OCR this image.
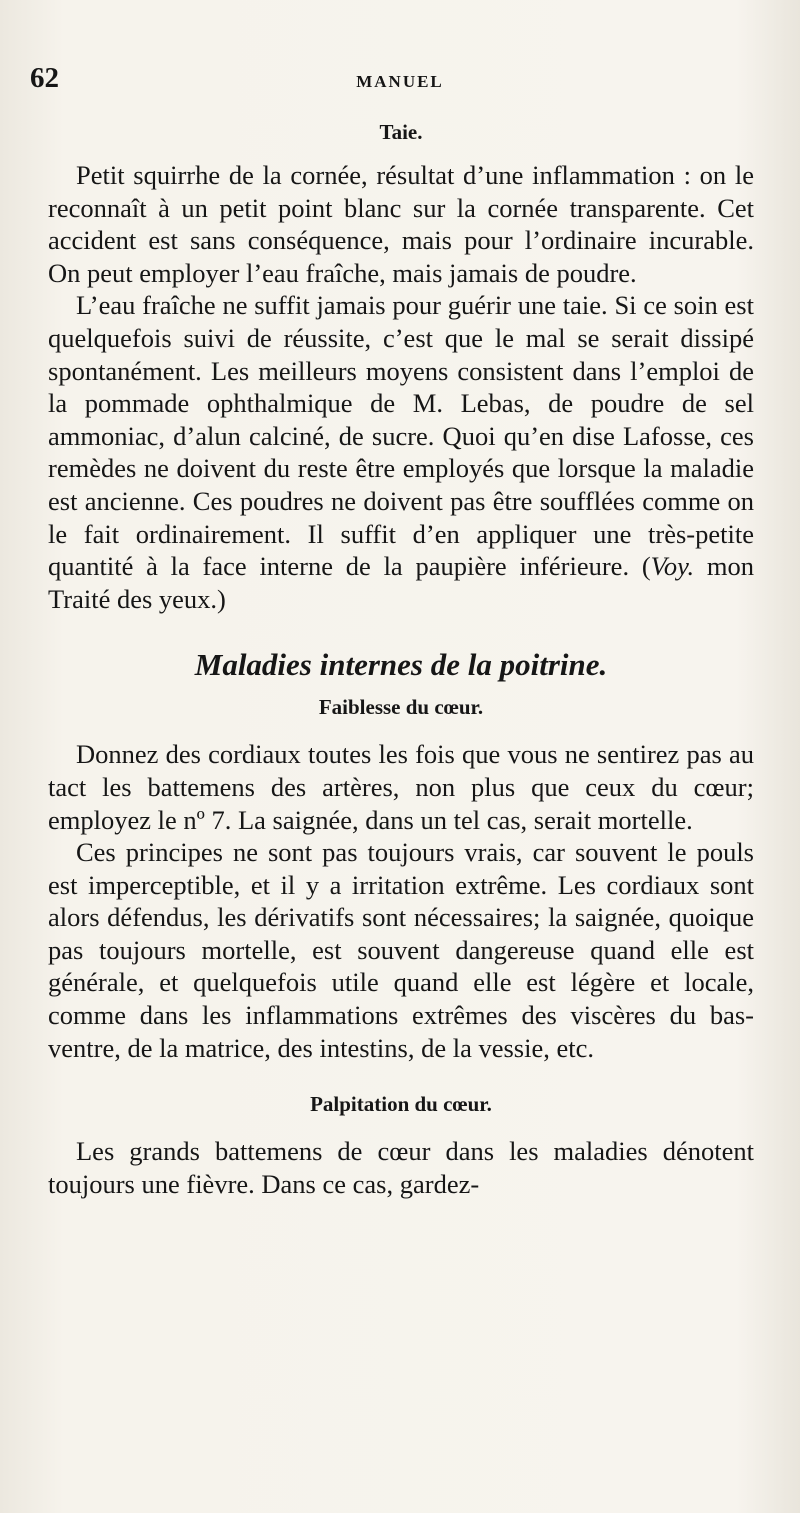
62	MANUEL
Taie.

Petit squirrhe de la cornée, résultat d’une inflammation : on le reconnaît à un petit point blanc sur la cornée transparente. Cet accident est sans conséquence, mais pour l’ordinaire incurable. On peut employer l’eau fraîche, mais jamais de poudre.

L’eau fraîche ne suffit jamais pour guérir une taie. Si ce soin est quelquefois suivi de réussite, c’est que le mal se serait dissipé spontanément. Les meilleurs moyens consistent dans l’emploi de la pommade ophthalmique de M. Lebas, de poudre de sel ammoniac, d’alun calciné, de sucre. Quoi qu’en dise Lafosse, ces remèdes ne doivent du reste être employés que lorsque la maladie est ancienne. Ces poudres ne doivent pas être soufflées comme on le fait ordinairement. Il suffit d’en appliquer une très-petite quantité à la face interne de la paupière inférieure. (Voy. mon Traité des yeux.)

Maladies internes de la poitrine.
Faiblesse du cœur.

Donnez des cordiaux toutes les fois que vous ne sentirez pas au tact les battemens des artères, non plus que ceux du cœur; employez le nº 7. La saignée, dans un tel cas, serait mortelle.

Ces principes ne sont pas toujours vrais, car souvent le pouls est imperceptible, et il y a irritation extrême. Les cordiaux sont alors défendus, les dérivatifs sont nécessaires; la saignée, quoique pas toujours mortelle, est souvent dangereuse quand elle est générale, et quelquefois utile quand elle est légère et locale, comme dans les inflammations extrêmes des viscères du bas-ventre, de la matrice, des intestins, de la vessie, etc.

Palpitation du cœur.

Les grands battemens de cœur dans les maladies dénotent toujours une fièvre. Dans ce cas, gardez-
